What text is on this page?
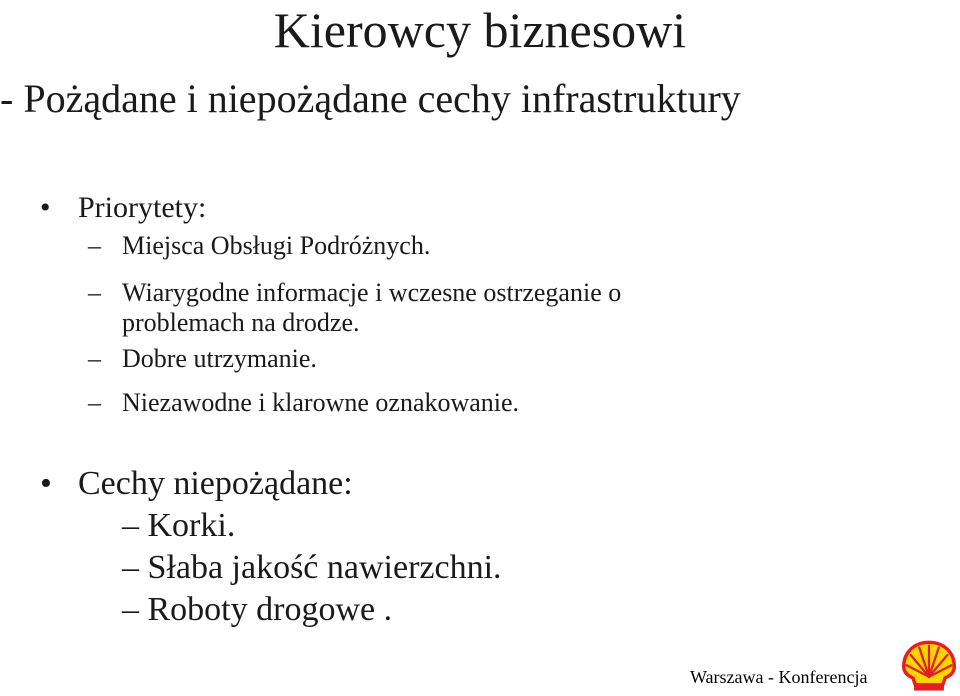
Kierowcy biznesowi
- Pożądane i niepożądane cechy infrastruktury
• Priorytety:
– Miejsca Obsługi Podróżnych.
– Wiarygodne informacje i wczesne ostrzeganie o
problemach na drodze.
– Dobre utrzymanie.
– Niezawodne i klarowne oznakowanie.
• Cechy niepożądane:
– Korki.
– Słaba jakość nawierzchni.
– Roboty drogowe .
Warszawa - Konferencja
